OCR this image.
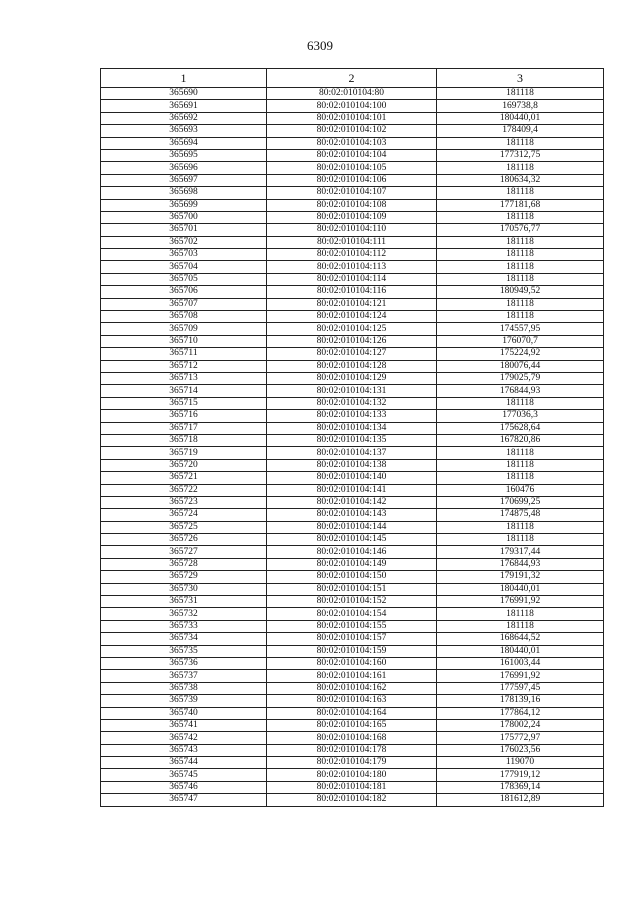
6309
1	2	3
365690	80:02:010104:80	181118
365691	80:02:010104:100	169738,8
365692	80:02:010104:101	180440,01
365693	80:02:010104:102	178409,4
365694	80:02:010104:103	181118
365695	80:02:010104:104	177312,75
365696	80:02:010104:105	181118
365697	80:02:010104:106	180634,32
365698	80:02:010104:107	181118
365699	80:02:010104:108	177181,68
365700	80:02:010104:109	181118
365701	80:02:010104:110	170576,77
365702	80:02:010104:111	181118
365703	80:02:010104:112	181118
365704	80:02:010104:113	181118
365705	80:02:010104:114	181118
365706	80:02:010104:116	180949,52
365707	80:02:010104:121	181118
365708	80:02:010104:124	181118
365709	80:02:010104:125	174557,95
365710	80:02:010104:126	176070,7
365711	80:02:010104:127	175224,92
365712	80:02:010104:128	180076,44
365713	80:02:010104:129	179025,79
365714	80:02:010104:131	176844,93
365715	80:02:010104:132	181118
365716	80:02:010104:133	177036,3
365717	80:02:010104:134	175628,64
365718	80:02:010104:135	167820,86
365719	80:02:010104:137	181118
365720	80:02:010104:138	181118
365721	80:02:010104:140	181118
365722	80:02:010104:141	160476
365723	80:02:010104:142	170699,25
365724	80:02:010104:143	174875,48
365725	80:02:010104:144	181118
365726	80:02:010104:145	181118
365727	80:02:010104:146	179317,44
365728	80:02:010104:149	176844,93
365729	80:02:010104:150	179191,32
365730	80:02:010104:151	180440,01
365731	80:02:010104:152	176991,92
365732	80:02:010104:154	181118
365733	80:02:010104:155	181118
365734	80:02:010104:157	168644,52
365735	80:02:010104:159	180440,01
365736	80:02:010104:160	161003,44
365737	80:02:010104:161	176991,92
365738	80:02:010104:162	177597,45
365739	80:02:010104:163	178139,16
365740	80:02:010104:164	177864,12
365741	80:02:010104:165	178002,24
365742	80:02:010104:168	175772,97
365743	80:02:010104:178	176023,56
365744	80:02:010104:179	119070
365745	80:02:010104:180	177919,12
365746	80:02:010104:181	178369,14
365747	80:02:010104:182	181612,89
